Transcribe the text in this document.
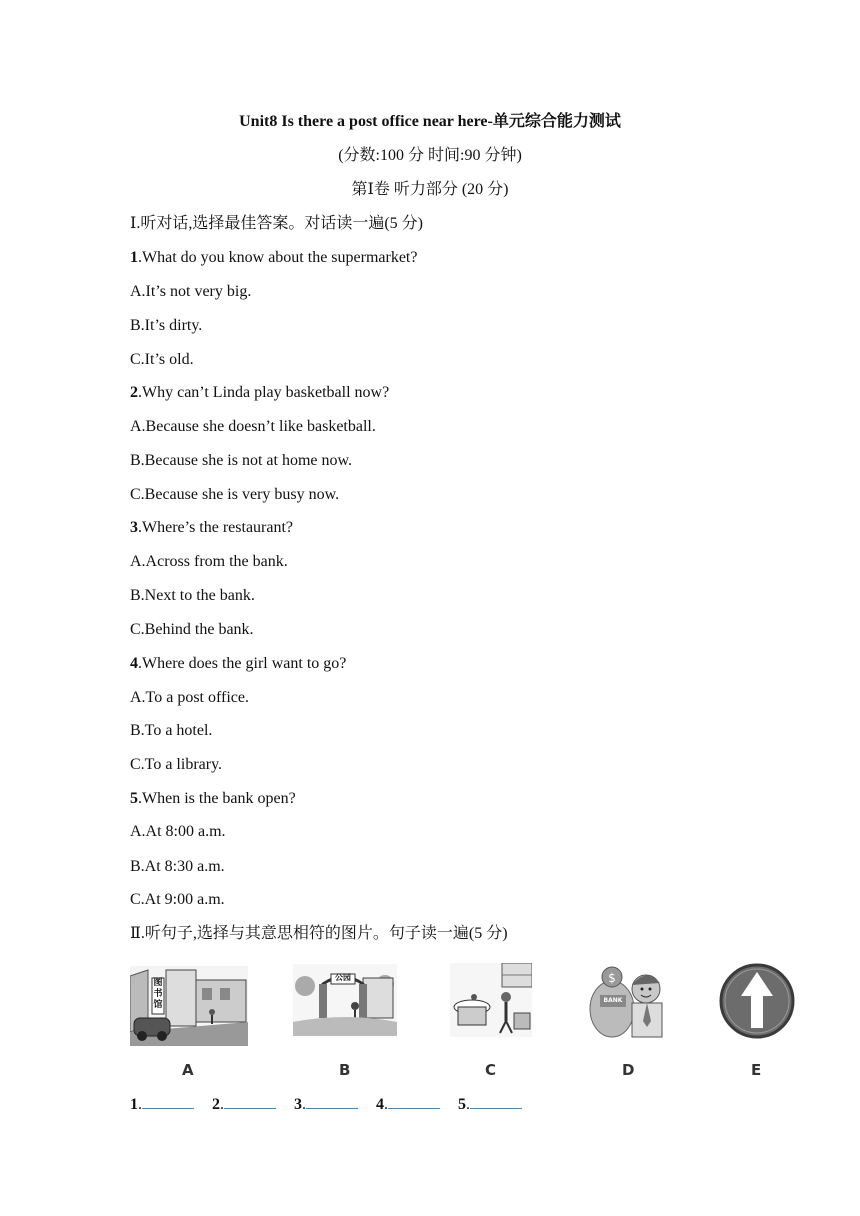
Unit8 Is there a post office near here-单元综合能力测试
(分数:100 分 时间:90 分钟)
第Ⅰ卷 听力部分 (20 分)
Ⅰ.听对话,选择最佳答案。对话读一遍(5 分)
1.What do you know about the supermarket?
A.It’s not very big.
B.It’s dirty.
C.It’s old.
2.Why can’t Linda play basketball now?
A.Because she doesn’t like basketball.
B.Because she is not at home now.
C.Because she is very busy now.
3.Where’s the restaurant?
A.Across from the bank.
B.Next to the bank.
C.Behind the bank.
4.Where does the girl want to go?
A.To a post office.
B.To a hotel.
C.To a library.
5.When is the bank open?
A.At 8:00 a.m.
B.At 8:30 a.m.
C.At 9:00 a.m.
Ⅱ.听句子,选择与其意思相符的图片。句子读一遍(5 分)
图书馆
公园	$
BANK
A	B	C	D	E
1.	2.	3.	4.	5.
